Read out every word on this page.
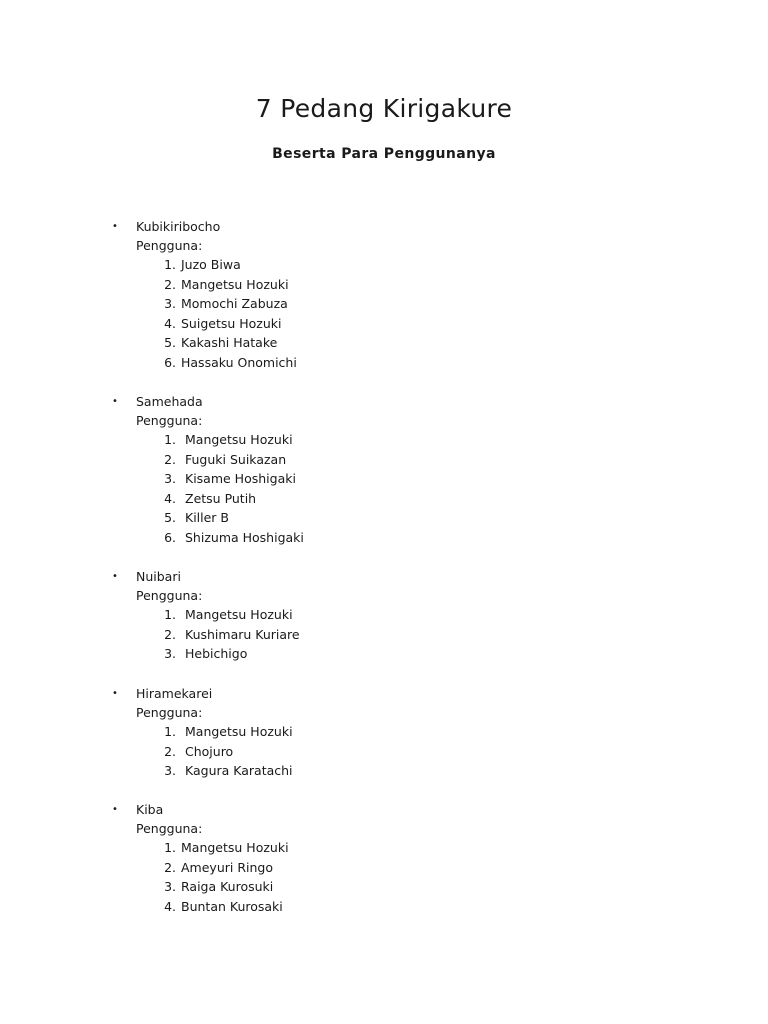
7 Pedang Kirigakure
Beserta Para Penggunanya
• Kubikiribocho
Pengguna:
1. Juzo Biwa
2. Mangetsu Hozuki
3. Momochi Zabuza
4. Suigetsu Hozuki
5. Kakashi Hatake
6. Hassaku Onomichi
• Samehada
Pengguna:
1. Mangetsu Hozuki
2. Fuguki Suikazan
3. Kisame Hoshigaki
4. Zetsu Putih
5. Killer B
6. Shizuma Hoshigaki
• Nuibari
Pengguna:
1. Mangetsu Hozuki
2. Kushimaru Kuriare
3. Hebichigo
• Hiramekarei
Pengguna:
1. Mangetsu Hozuki
2. Chojuro
3. Kagura Karatachi
• Kiba
Pengguna:
1. Mangetsu Hozuki
2. Ameyuri Ringo
3. Raiga Kurosuki
4. Buntan Kurosaki
